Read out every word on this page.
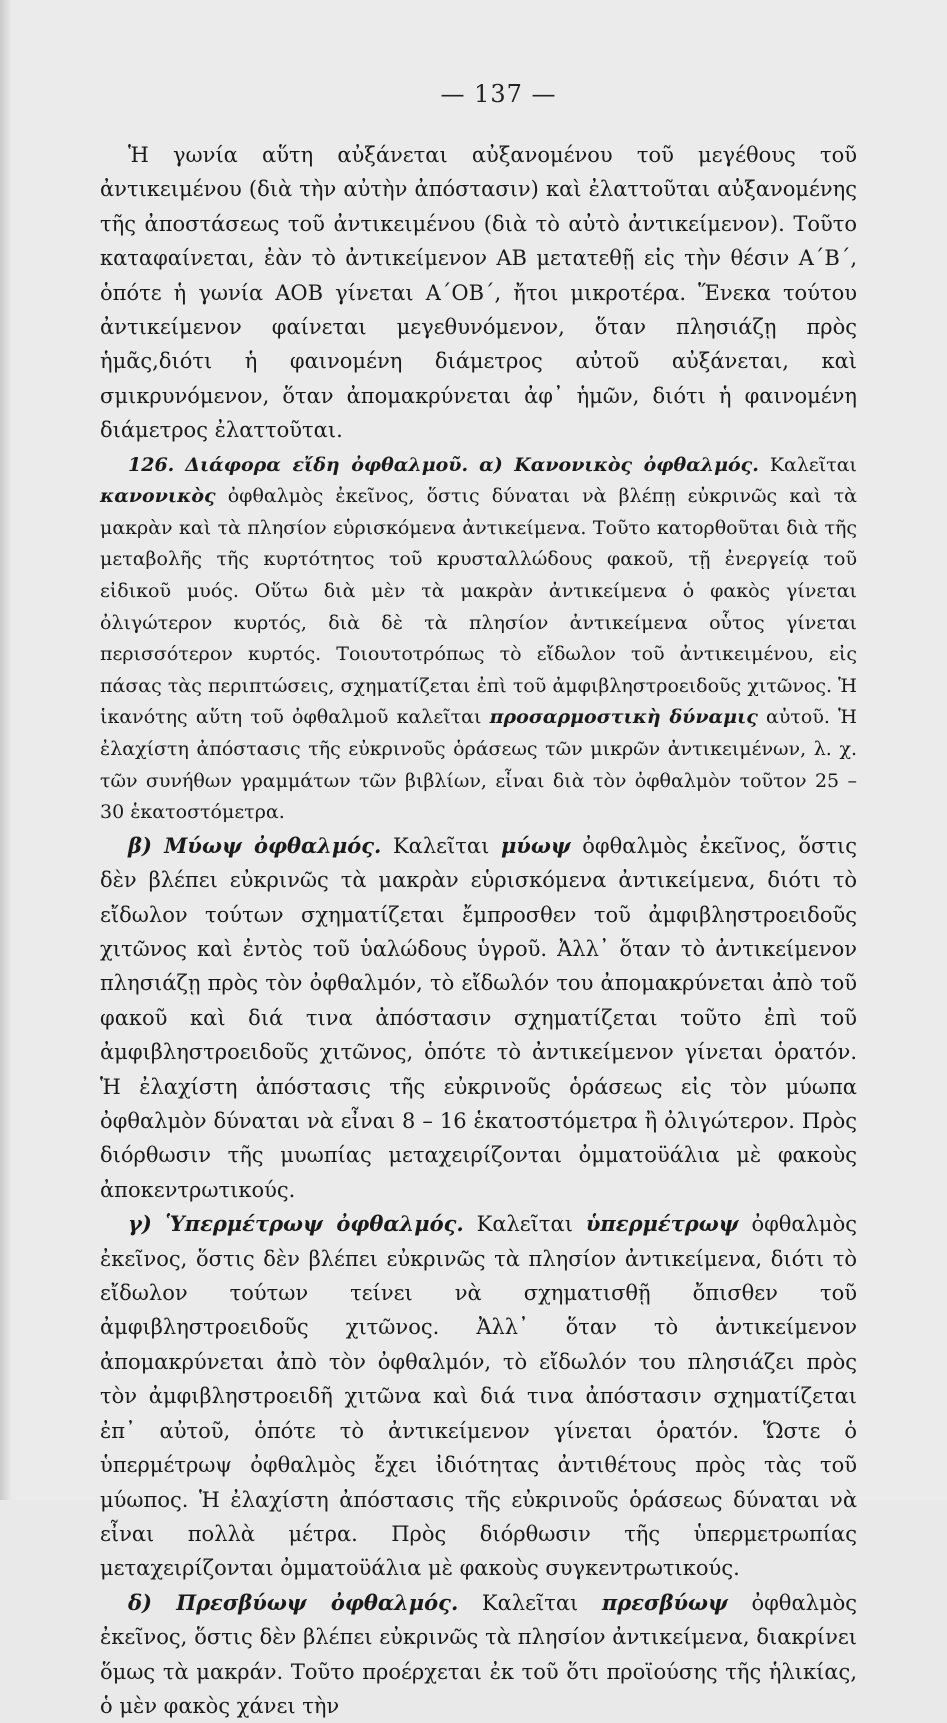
— 137 —

Ἡ γωνία αὕτη αὐξάνεται αὐξανομένου τοῦ μεγέθους τοῦ ἀντικειμένου (διὰ τὴν αὐτὴν ἀπόστασιν) καὶ ἐλαττοῦται αὐξανομένης τῆς ἀποστάσεως τοῦ ἀντικειμένου (διὰ τὸ αὐτὸ ἀντικείμενον). Τοῦτο καταφαίνεται, ἐὰν τὸ ἀντικείμενον ΑΒ μετατεθῇ εἰς τὴν θέσιν Α΄Β΄, ὁπότε ἡ γωνία ΑΟΒ γίνεται Α΄ΟΒ΄, ἤτοι μικροτέρα. Ἕνεκα τούτου ἀντικείμενον φαίνεται μεγεθυνόμενον, ὅταν πλησιάζῃ πρὸς ἡμᾶς,διότι ἡ φαινομένη διάμετρος αὐτοῦ αὐξάνεται, καὶ σμικρυνόμενον, ὅταν ἀπομακρύνεται ἀφ᾽ ἡμῶν, διότι ἡ φαινομένη διάμετρος ἐλαττοῦται.

126. Διάφορα εἴδη ὀφθαλμοῦ. α) Κανονικὸς ὀφθαλμός. Καλεῖται κανονικὸς ὀφθαλμὸς ἐκεῖνος, ὅστις δύναται νὰ βλέπῃ εὐκρινῶς καὶ τὰ μακρὰν καὶ τὰ πλησίον εὑρισκόμενα ἀντικείμενα. Τοῦτο κατορθοῦται διὰ τῆς μεταβολῆς τῆς κυρτότητος τοῦ κρυσταλλώδους φακοῦ, τῇ ἐνεργείᾳ τοῦ εἰδικοῦ μυός. Οὕτω διὰ μὲν τὰ μακρὰν ἀντικείμενα ὁ φακὸς γίνεται ὀλιγώτερον κυρτός, διὰ δὲ τὰ πλησίον ἀντικείμενα οὗτος γίνεται περισσότερον κυρτός. Τοιουτοτρόπως τὸ εἴδωλον τοῦ ἀντικειμένου, εἰς πάσας τὰς περιπτώσεις, σχηματίζεται ἐπὶ τοῦ ἀμφιβληστροειδοῦς χιτῶνος. Ἡ ἱκανότης αὕτη τοῦ ὀφθαλμοῦ καλεῖται προσαρμοστικὴ δύναμις αὐτοῦ. Ἡ ἐλαχίστη ἀπόστασις τῆς εὐκρινοῦς ὁράσεως τῶν μικρῶν ἀντικειμένων, λ. χ. τῶν συνήθων γραμμάτων τῶν βιβλίων, εἶναι διὰ τὸν ὀφθαλμὸν τοῦτον 25 – 30 ἑκατοστόμετρα.

β) Μύωψ ὀφθαλμός. Καλεῖται μύωψ ὀφθαλμὸς ἐκεῖνος, ὅστις δὲν βλέπει εὐκρινῶς τὰ μακρὰν εὑρισκόμενα ἀντικείμενα, διότι τὸ εἴδωλον τούτων σχηματίζεται ἔμπροσθεν τοῦ ἀμφιβληστροειδοῦς χιτῶνος καὶ ἐντὸς τοῦ ὑαλώδους ὑγροῦ. Ἀλλ᾽ ὅταν τὸ ἀντικείμενον πλησιάζῃ πρὸς τὸν ὀφθαλμόν, τὸ εἴδωλόν του ἀπομακρύνεται ἀπὸ τοῦ φακοῦ καὶ διά τινα ἀπόστασιν σχηματίζεται τοῦτο ἐπὶ τοῦ ἀμφιβληστροειδοῦς χιτῶνος, ὁπότε τὸ ἀντικείμενον γίνεται ὁρατόν. Ἡ ἐλαχίστη ἀπόστασις τῆς εὐκρινοῦς ὁράσεως εἰς τὸν μύωπα ὀφθαλμὸν δύναται νὰ εἶναι 8 – 16 ἑκατοστόμετρα ἢ ὀλιγώτερον. Πρὸς διόρθωσιν τῆς μυωπίας μεταχειρίζονται ὀμματοϋάλια μὲ φακοὺς ἀποκεντρωτικούς.

γ) Ὑπερμέτρωψ ὀφθαλμός. Καλεῖται ὑπερμέτρωψ ὀφθαλμὸς ἐκεῖνος, ὅστις δὲν βλέπει εὐκρινῶς τὰ πλησίον ἀντικείμενα, διότι τὸ εἴδωλον τούτων τείνει νὰ σχηματισθῇ ὄπισθεν τοῦ ἀμφιβληστροειδοῦς χιτῶνος. Ἀλλ᾽ ὅταν τὸ ἀντικείμενον ἀπομακρύνεται ἀπὸ τὸν ὀφθαλμόν, τὸ εἴδωλόν του πλησιάζει πρὸς τὸν ἀμφιβληστροειδῆ χιτῶνα καὶ διά τινα ἀπόστασιν σχηματίζεται ἐπ᾽ αὐτοῦ, ὁπότε τὸ ἀντικείμενον γίνεται ὁρατόν. Ὥστε ὁ ὑπερμέτρωψ ὀφθαλμὸς ἔχει ἰδιότητας ἀντιθέτους πρὸς τὰς τοῦ μύωπος. Ἡ ἐλαχίστη ἀπόστασις τῆς εὐκρινοῦς ὁράσεως δύναται νὰ εἶναι πολλὰ μέτρα. Πρὸς διόρθωσιν τῆς ὑπερμετρωπίας μεταχειρίζονται ὀμματοϋάλια μὲ φακοὺς συγκεντρωτικούς.

δ) Πρεσβύωψ ὀφθαλμός. Καλεῖται πρεσβύωψ ὀφθαλμὸς ἐκεῖνος, ὅστις δὲν βλέπει εὐκρινῶς τὰ πλησίον ἀντικείμενα, διακρίνει ὅμως τὰ μακράν. Τοῦτο προέρχεται ἐκ τοῦ ὅτι προϊούσης τῆς ἡλικίας, ὁ μὲν φακὸς χάνει τὴν
